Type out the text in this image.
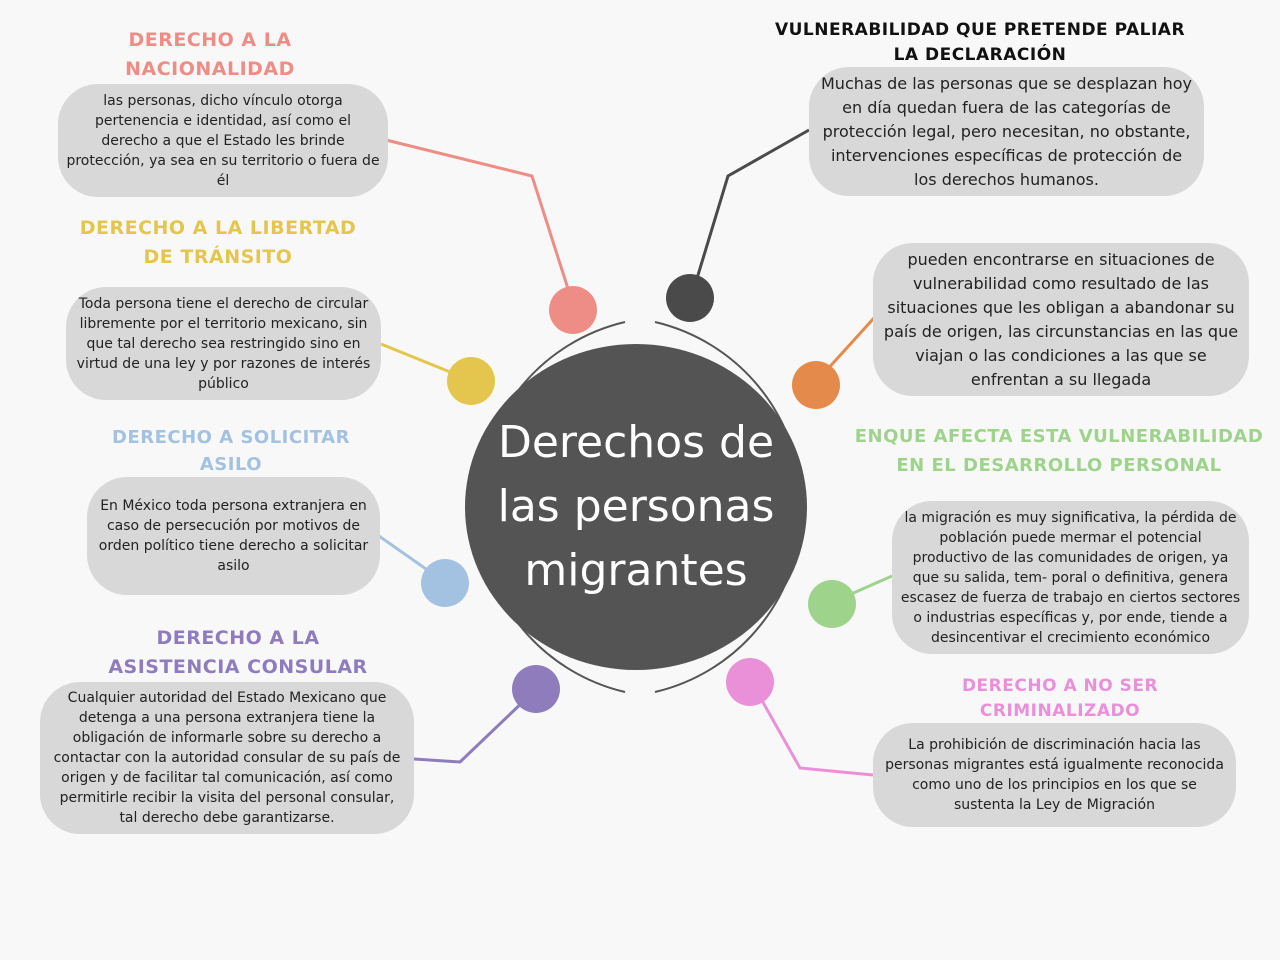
Derechos de las personas migrantes
DERECHO A LA NACIONALIDAD
las personas, dicho vínculo otorga pertenencia e identidad, así como el derecho a que el Estado les brinde protección, ya sea en su territorio o fuera de él
DERECHO A LA LIBERTAD DE TRÁNSITO
Toda persona tiene el derecho de circular libremente por el territorio mexicano, sin que tal derecho sea restringido sino en virtud de una ley y por razones de interés público
DERECHO A SOLICITAR ASILO
En México toda persona extranjera en caso de persecución por motivos de orden político tiene derecho a solicitar asilo
DERECHO A LA ASISTENCIA CONSULAR
Cualquier autoridad del Estado Mexicano que detenga a una persona extranjera tiene la obligación de informarle sobre su derecho a contactar con la autoridad consular de su país de origen y de facilitar tal comunicación, así como permitirle recibir la visita del personal consular, tal derecho debe garantizarse.
VULNERABILIDAD QUE PRETENDE PALIAR LA DECLARACIÓN
Muchas de las personas que se desplazan hoy en día quedan fuera de las categorías de protección legal, pero necesitan, no obstante, intervenciones específicas de protección de los derechos humanos.
pueden encontrarse en situaciones de vulnerabilidad como resultado de las situaciones que les obligan a abandonar su país de origen, las circunstancias en las que viajan o las condiciones a las que se enfrentan a su llegada
ENQUE AFECTA ESTA VULNERABILIDAD EN EL DESARROLLO PERSONAL
la migración es muy significativa, la pérdida de población puede mermar el potencial productivo de las comunidades de origen, ya que su salida, tem- poral o definitiva, genera escasez de fuerza de trabajo en ciertos sectores o industrias específicas y, por ende, tiende a desincentivar el crecimiento económico
DERECHO A NO SER CRIMINALIZADO
La prohibición de discriminación hacia las personas migrantes está igualmente reconocida como uno de los principios en los que se sustenta la Ley de Migración
